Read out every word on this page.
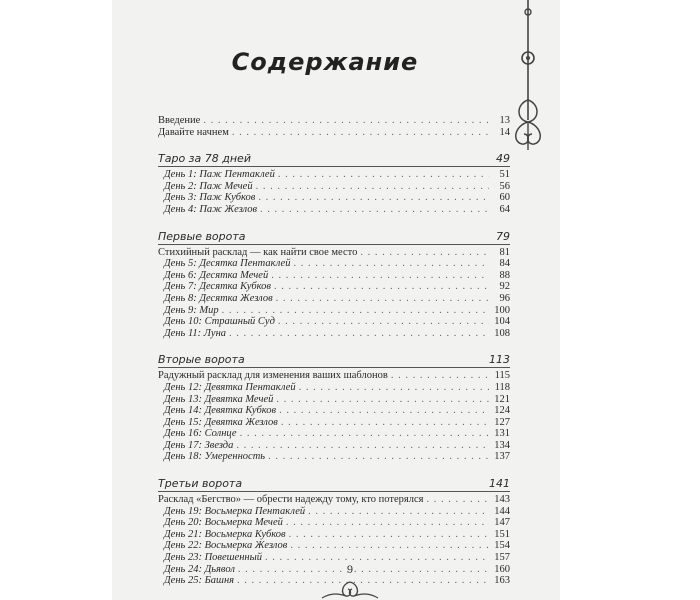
Содержание
Введение . . .	13
Давайте начнем . . .	14
Таро за 78 дней	49
День 1: Паж Пентаклей . . .	51
День 2: Паж Мечей . . .	56
День 3: Паж Кубков . . .	60
День 4: Паж Жезлов . . .	64
Первые ворота	79
Стихийный расклад — как найти свое место . . .	81
День 5: Десятка Пентаклей . . .	84
День 6: Десятка Мечей . . .	88
День 7: Десятка Кубков . . .	92
День 8: Десятка Жезлов . . .	96
День 9: Мир . . .	100
День 10: Страшный Суд . . .	104
День 11: Луна . . .	108
Вторые ворота	113
Радужный расклад для изменения ваших шаблонов . . .	115
День 12: Девятка Пентаклей . . .	118
День 13: Девятка Мечей . . .	121
День 14: Девятка Кубков . . .	124
День 15: Девятка Жезлов . . .	127
День 16: Солнце . . .	131
День 17: Звезда . . .	134
День 18: Умеренность . . .	137
Третьи ворота	141
Расклад «Бегство» — обрести надежду тому, кто потерялся . . .	143
День 19: Восьмерка Пентаклей . . .	144
День 20: Восьмерка Мечей . . .	147
День 21: Восьмерка Кубков . . .	151
День 22: Восьмерка Жезлов . . .	154
День 23: Повешенный . . .	157
День 24: Дьявол . . .	160
День 25: Башня . . .	163
9
